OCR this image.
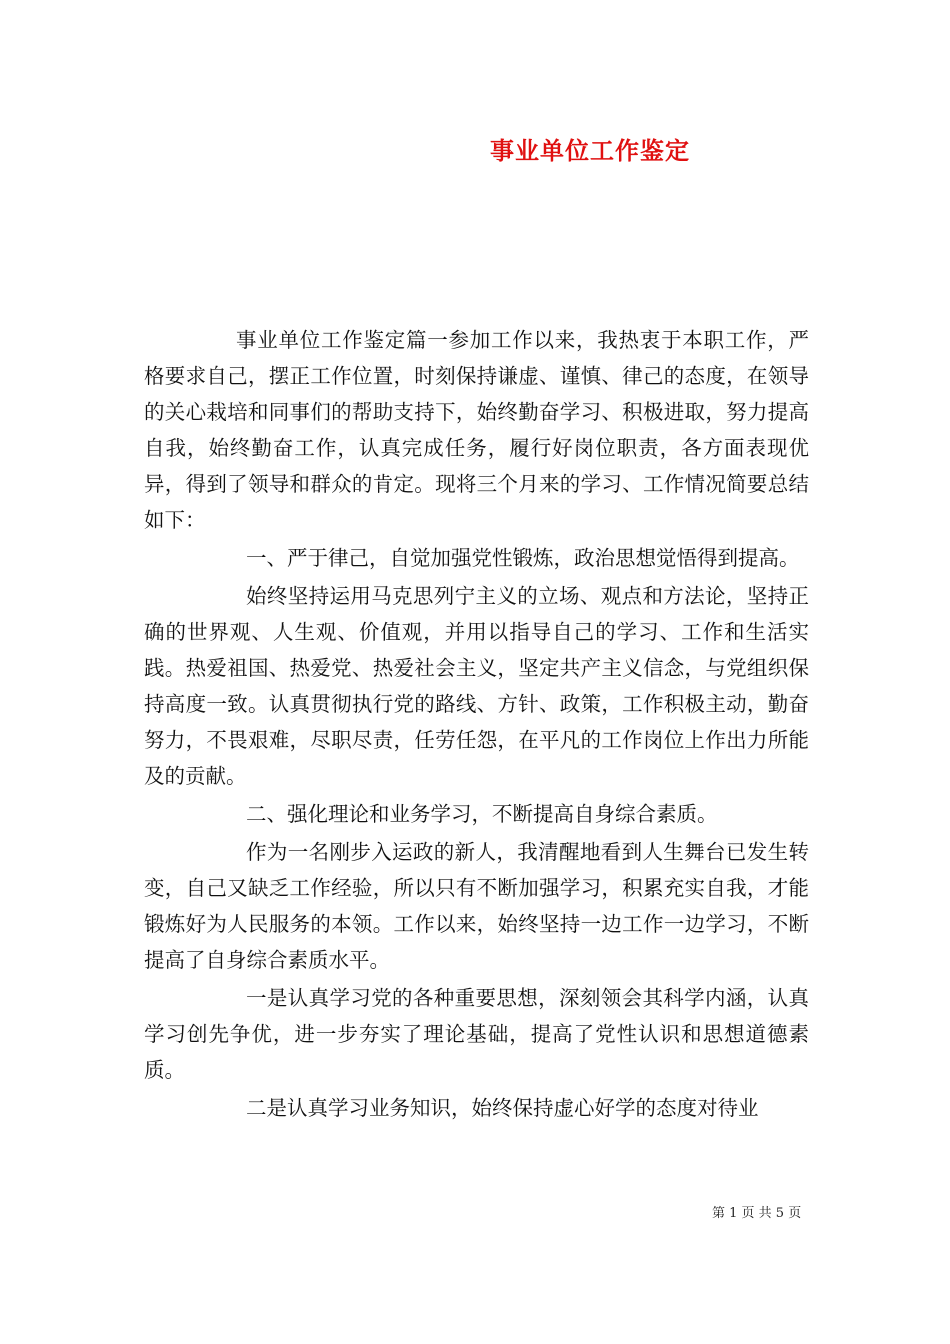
事业单位工作鉴定

事业单位工作鉴定篇一参加工作以来，我热衷于本职工作，严格要求自己，摆正工作位置，时刻保持谦虚、谨慎、律己的态度，在领导的关心栽培和同事们的帮助支持下，始终勤奋学习、积极进取，努力提高自我，始终勤奋工作，认真完成任务，履行好岗位职责，各方面表现优异，得到了领导和群众的肯定。现将三个月来的学习、工作情况简要总结如下：

一、严于律己，自觉加强党性锻炼，政治思想觉悟得到提高。

始终坚持运用马克思列宁主义的立场、观点和方法论，坚持正确的世界观、人生观、价值观，并用以指导自己的学习、工作和生活实践。热爱祖国、热爱党、热爱社会主义，坚定共产主义信念，与党组织保持高度一致。认真贯彻执行党的路线、方针、政策，工作积极主动，勤奋努力，不畏艰难，尽职尽责，任劳任怨，在平凡的工作岗位上作出力所能及的贡献。

二、强化理论和业务学习，不断提高自身综合素质。

作为一名刚步入运政的新人，我清醒地看到人生舞台已发生转变，自己又缺乏工作经验，所以只有不断加强学习，积累充实自我，才能锻炼好为人民服务的本领。工作以来，始终坚持一边工作一边学习，不断提高了自身综合素质水平。

一是认真学习党的各种重要思想，深刻领会其科学内涵，认真学习创先争优，进一步夯实了理论基础，提高了党性认识和思想道德素质。

二是认真学习业务知识，始终保持虚心好学的态度对待业

第 1 页 共 5 页
